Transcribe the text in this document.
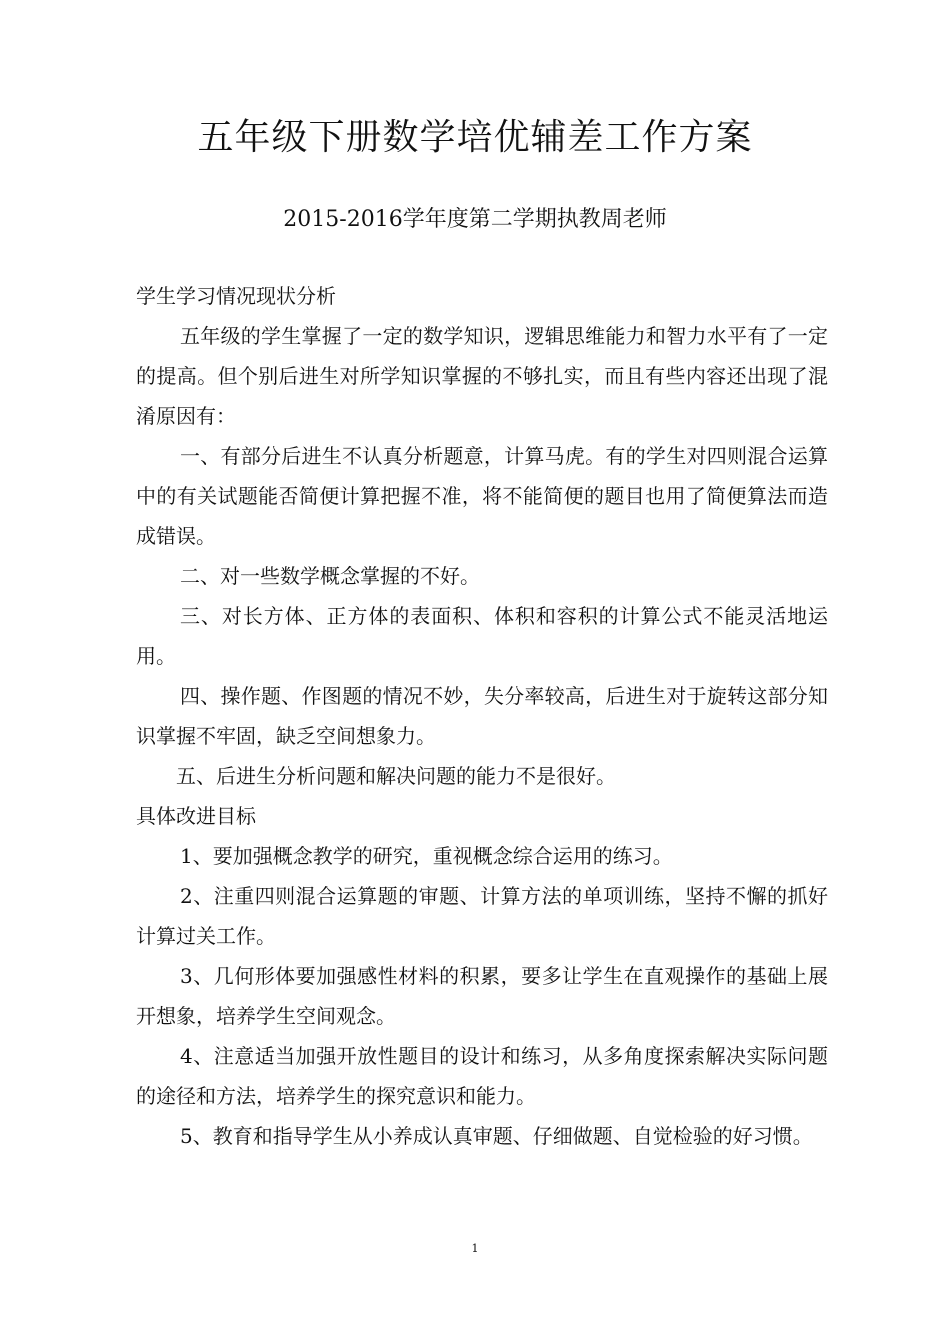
五年级下册数学培优辅差工作方案

2015-2016学年度第二学期执教周老师

学生学习情况现状分析

五年级的学生掌握了一定的数学知识，逻辑思维能力和智力水平有了一定的提高。但个别后进生对所学知识掌握的不够扎实，而且有些内容还出现了混淆原因有：

一、有部分后进生不认真分析题意，计算马虎。有的学生对四则混合运算中的有关试题能否简便计算把握不准，将不能简便的题目也用了简便算法而造成错误。

二、对一些数学概念掌握的不好。

三、对长方体、正方体的表面积、体积和容积的计算公式不能灵活地运用。

四、操作题、作图题的情况不妙，失分率较高，后进生对于旋转这部分知识掌握不牢固，缺乏空间想象力。

五、后进生分析问题和解决问题的能力不是很好。

具体改进目标

1、要加强概念教学的研究，重视概念综合运用的练习。

2、注重四则混合运算题的审题、计算方法的单项训练，坚持不懈的抓好计算过关工作。

3、几何形体要加强感性材料的积累，要多让学生在直观操作的基础上展开想象，培养学生空间观念。

4、注意适当加强开放性题目的设计和练习，从多角度探索解决实际问题的途径和方法，培养学生的探究意识和能力。

5、教育和指导学生从小养成认真审题、仔细做题、自觉检验的好习惯。

1
